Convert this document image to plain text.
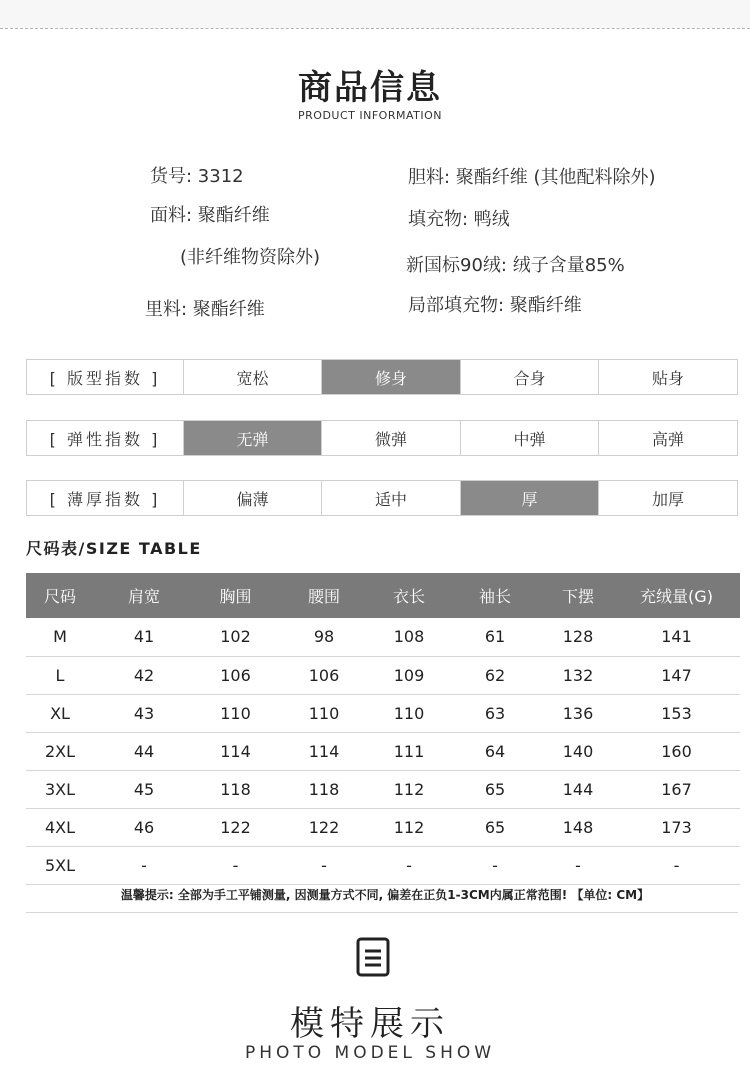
商品信息
PRODUCT INFORMATION
货号: 3312
面料: 聚酯纤维
(非纤维物资除外)
里料: 聚酯纤维
胆料: 聚酯纤维 (其他配料除外)
填充物: 鸭绒
新国标90绒: 绒子含量85%
局部填充物: 聚酯纤维
[ 版型指数 ]	宽松	修身	合身	贴身
[ 弹性指数 ]	无弹	微弹	中弹	高弹
[ 薄厚指数 ]	偏薄	适中	厚	加厚
尺码表/SIZE TABLE
尺码	肩宽	胸围	腰围	衣长	袖长	下摆	充绒量(G)
M	41	102	98	108	61	128	141
L	42	106	106	109	62	132	147
XL	43	110	110	110	63	136	153
2XL	44	114	114	111	64	140	160
3XL	45	118	118	112	65	144	167
4XL	46	122	122	112	65	148	173
5XL	-	-	-	-	-	-	-
温馨提示: 全部为手工平铺测量, 因测量方式不同, 偏差在正负1-3CM内属正常范围! 【单位: CM】
模特展示
PHOTO MODEL SHOW
